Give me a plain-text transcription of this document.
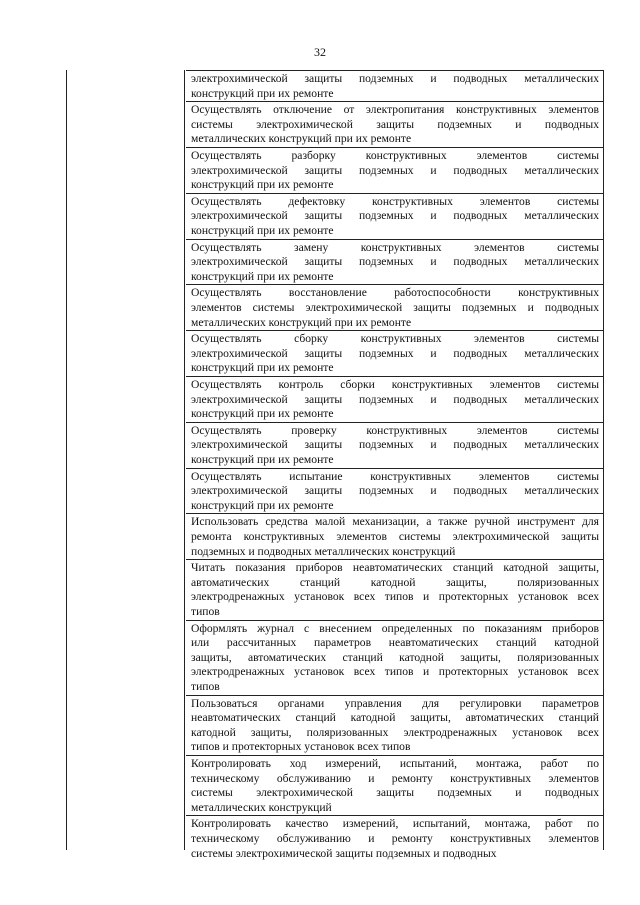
32
электрохимической защиты подземных и подводных металлических
конструкций при их ремонте
Осуществлять отключение от электропитания конструктивных элементов
системы электрохимической защиты подземных и подводных
металлических конструкций при их ремонте
Осуществлять разборку конструктивных элементов системы
электрохимической защиты подземных и подводных металлических
конструкций при их ремонте
Осуществлять дефектовку конструктивных элементов системы
электрохимической защиты подземных и подводных металлических
конструкций при их ремонте
Осуществлять замену конструктивных элементов системы
электрохимической защиты подземных и подводных металлических
конструкций при их ремонте
Осуществлять восстановление работоспособности конструктивных
элементов системы электрохимической защиты подземных и подводных
металлических конструкций при их ремонте
Осуществлять сборку конструктивных элементов системы
электрохимической защиты подземных и подводных металлических
конструкций при их ремонте
Осуществлять контроль сборки конструктивных элементов системы
электрохимической защиты подземных и подводных металлических
конструкций при их ремонте
Осуществлять проверку конструктивных элементов системы
электрохимической защиты подземных и подводных металлических
конструкций при их ремонте
Осуществлять испытание конструктивных элементов системы
электрохимической защиты подземных и подводных металлических
конструкций при их ремонте
Использовать средства малой механизации, а также ручной инструмент для
ремонта конструктивных элементов системы электрохимической защиты
подземных и подводных металлических конструкций
Читать показания приборов неавтоматических станций катодной защиты,
автоматических станций катодной защиты, поляризованных
электродренажных установок всех типов и протекторных установок всех
типов
Оформлять журнал с внесением определенных по показаниям приборов
или рассчитанных параметров неавтоматических станций катодной
защиты, автоматических станций катодной защиты, поляризованных
электродренажных установок всех типов и протекторных установок всех
типов
Пользоваться органами управления для регулировки параметров
неавтоматических станций катодной защиты, автоматических станций
катодной защиты, поляризованных электродренажных установок всех
типов и протекторных установок всех типов
Контролировать ход измерений, испытаний, монтажа, работ по
техническому обслуживанию и ремонту конструктивных элементов
системы электрохимической защиты подземных и подводных
металлических конструкций
Контролировать качество измерений, испытаний, монтажа, работ по
техническому обслуживанию и ремонту конструктивных элементов
системы электрохимической защиты подземных и подводных
